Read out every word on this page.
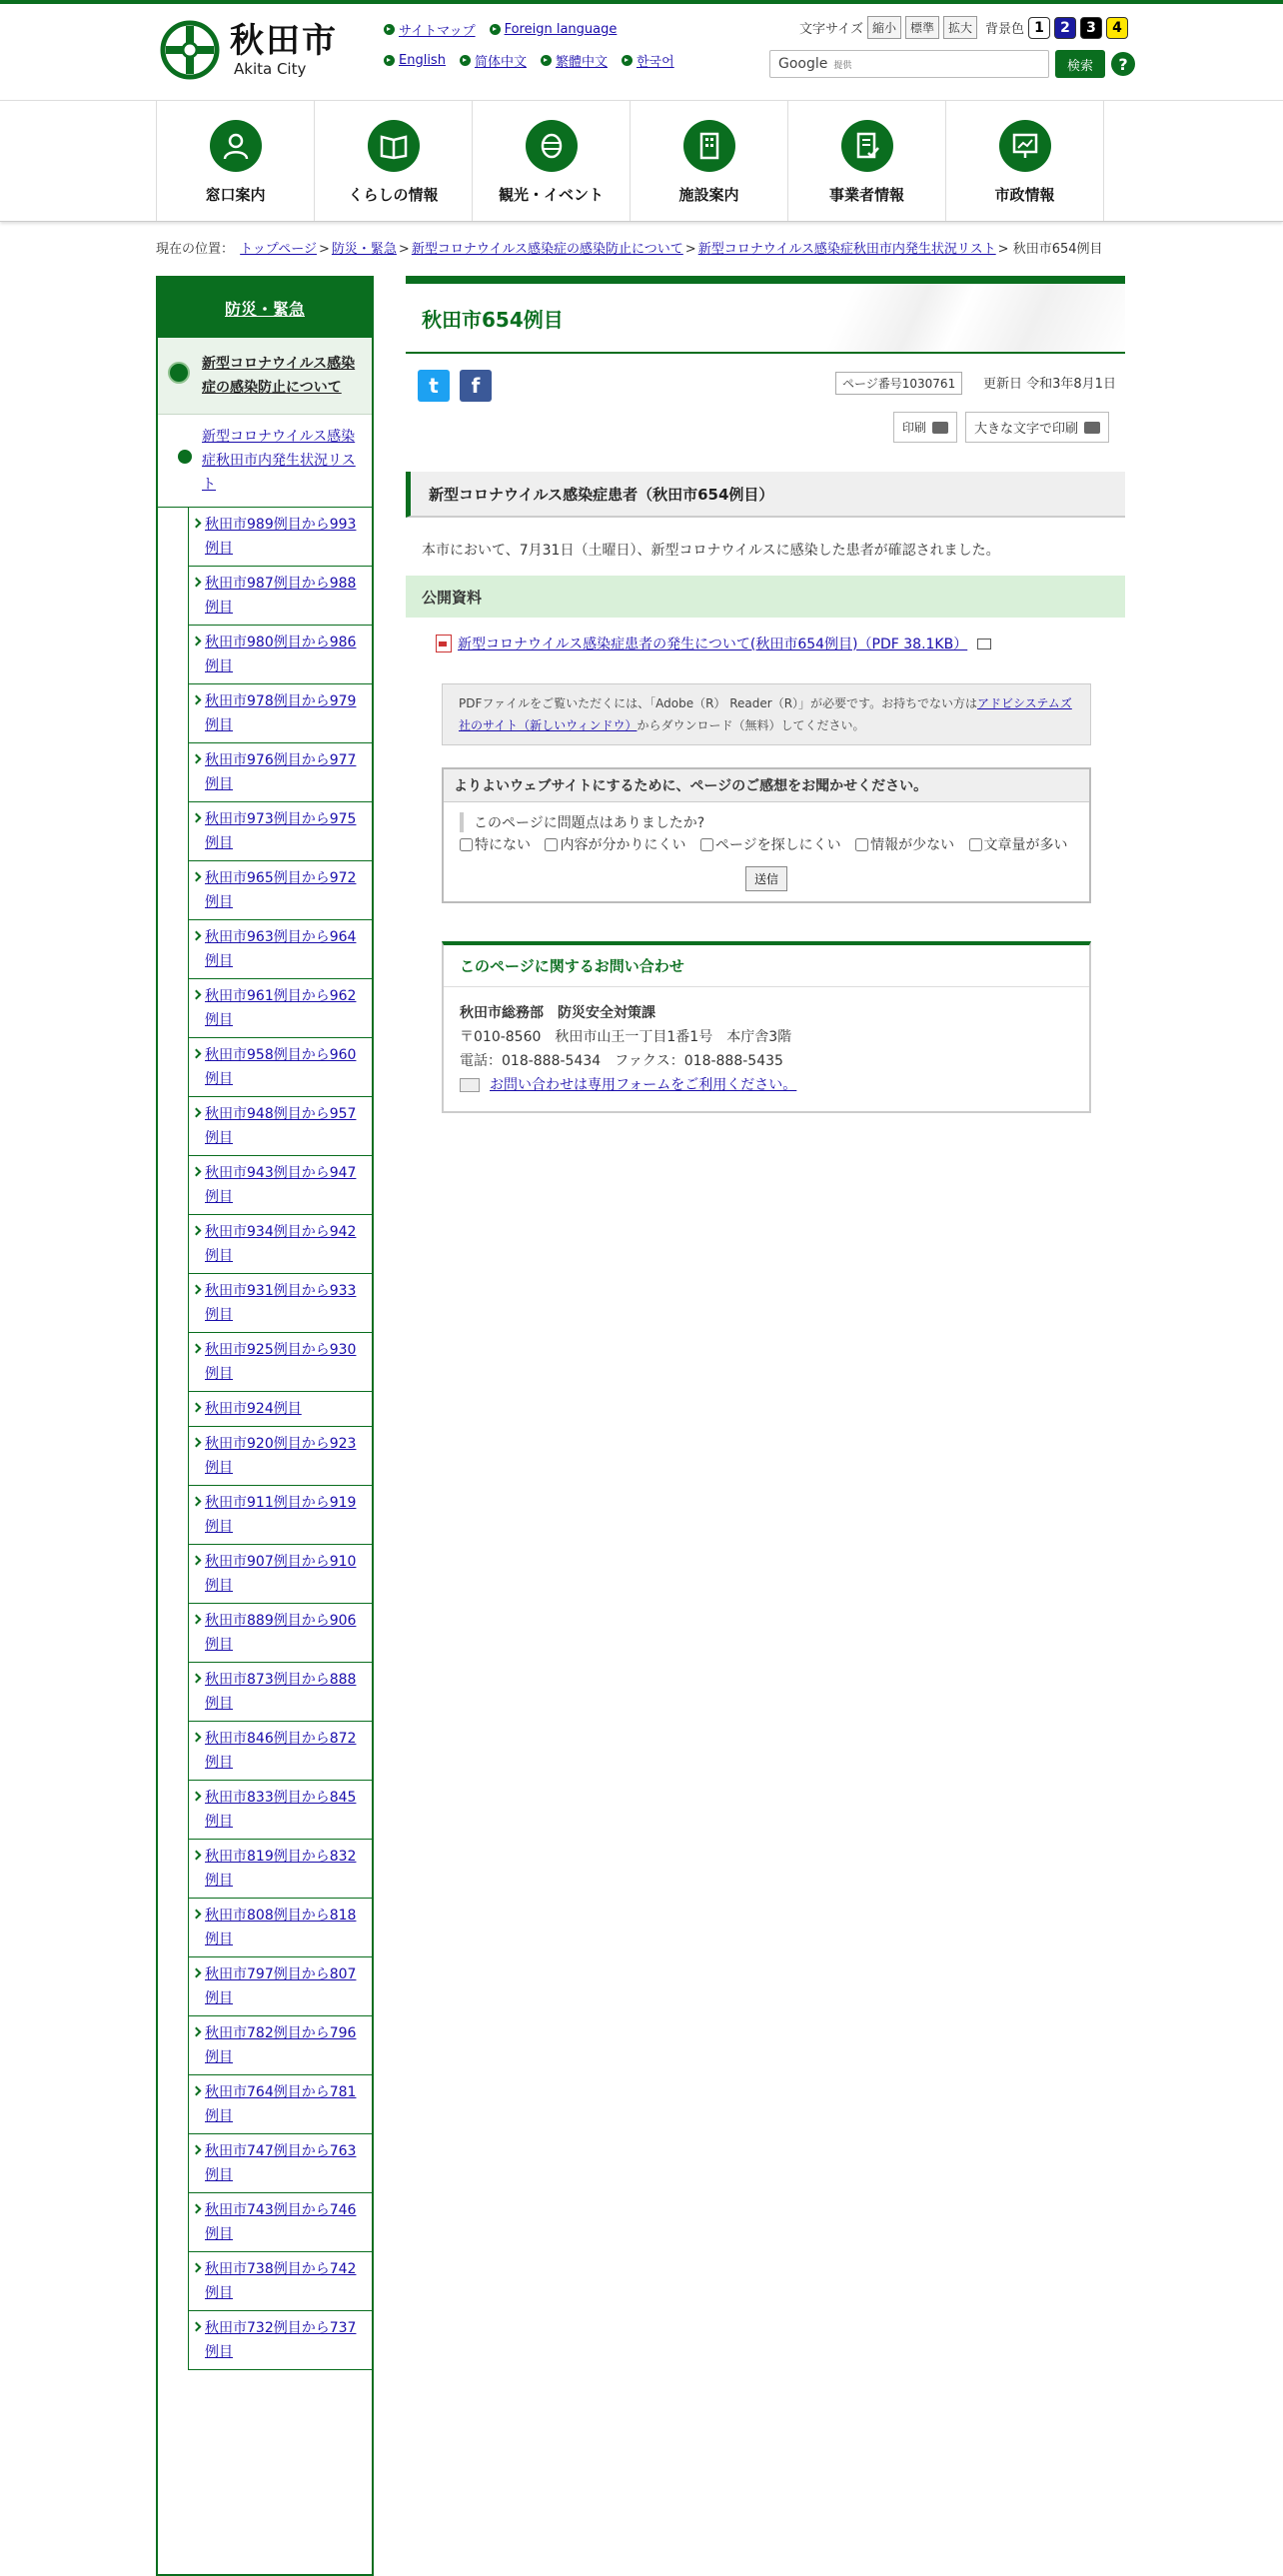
秋田市
Akita City
サイトマップ Foreign language
English 简体中文 繁體中文 한국어
文字サイズ 縮小	標準	拡大	背景色 1	2	3	4
Google 提供	検索	?
窓口案内	くらしの情報	観光・イベント	施設案内	事業者情報	市政情報
現在の位置： トップページ > 防災・緊急 > 新型コロナウイルス感染症の感染防止について > 新型コロナウイルス感染症秋田市内発生状況リスト > 秋田市654例目
防災・緊急
新型コロナウイルス感染症の感染防止について
新型コロナウイルス感染症秋田市内発生状況リスト
秋田市989例目から993例目
秋田市987例目から988例目
秋田市980例目から986例目
秋田市978例目から979例目
秋田市976例目から977例目
秋田市973例目から975例目
秋田市965例目から972例目
秋田市963例目から964例目
秋田市961例目から962例目
秋田市958例目から960例目
秋田市948例目から957例目
秋田市943例目から947例目
秋田市934例目から942例目
秋田市931例目から933例目
秋田市925例目から930例目
秋田市924例目
秋田市920例目から923例目
秋田市911例目から919例目
秋田市907例目から910例目
秋田市889例目から906例目
秋田市873例目から888例目
秋田市846例目から872例目
秋田市833例目から845例目
秋田市819例目から832例目
秋田市808例目から818例目
秋田市797例目から807例目
秋田市782例目から796例目
秋田市764例目から781例目
秋田市747例目から763例目
秋田市743例目から746例目
秋田市738例目から742例目
秋田市732例目から737例目
秋田市654例目
t	f	ページ番号1030761	更新日 令和3年8月1日
印刷	大きな文字で印刷
新型コロナウイルス感染症患者（秋田市654例目）
本市において、7月31日（土曜日）、新型コロナウイルスに感染した患者が確認されました。
公開資料
新型コロナウイルス感染症患者の発生について(秋田市654例目)（PDF 38.1KB）
PDFファイルをご覧いただくには、「Adobe（R） Reader（R）」が必要です。お持ちでない方はアドビシステムズ社のサイト（新しいウィンドウ）からダウンロード（無料）してください。
よりよいウェブサイトにするために、ページのご感想をお聞かせください。
このページに問題点はありましたか?
特にない 内容が分かりにくい ページを探しにくい 情報が少ない 文章量が多い
送信
このページに関するお問い合わせ
秋田市総務部　防災安全対策課
〒010-8560　秋田市山王一丁目1番1号　本庁舎3階
電話：018-888-5434　ファクス：018-888-5435
お問い合わせは専用フォームをご利用ください。
